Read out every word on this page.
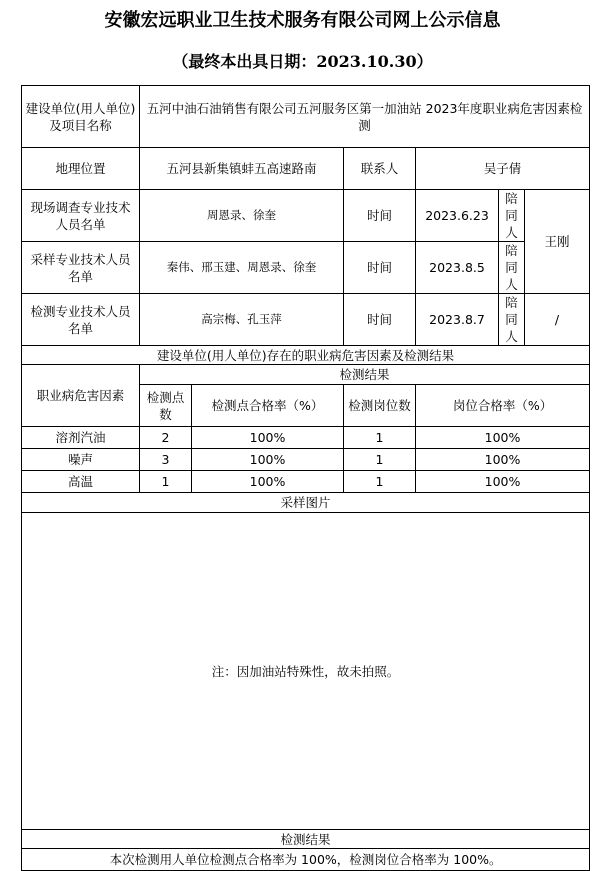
安徽宏远职业卫生技术服务有限公司网上公示信息
（最终本出具日期：2023.10.30）
建设单位(用人单位)及项目名称	五河中油石油销售有限公司五河服务区第一加油站 2023年度职业病危害因素检测					
地理位置	五河县新集镇蚌五高速路南		联系人	吴子倩		
现场调查专业技术人员名单	周恩录、徐奎		时间	2023.6.23	陪同人	王刚
采样专业技术人员名单	秦伟、邢玉建、周恩录、徐奎		时间	2023.8.5	陪同人	
检测专业技术人员名单	高宗梅、孔玉萍		时间	2023.8.7	陪同人	/
建设单位(用人单位)存在的职业病危害因素及检测结果						
职业病危害因素	检测结果					
	检测点数	检测点合格率（%）	检测岗位数	岗位合格率（%）		
溶剂汽油	2	100%	1	100%		
噪声	3	100%	1	100%		
高温	1	100%	1	100%		
采样图片						
注：因加油站特殊性，故未拍照。						
检测结果						
本次检测用人单位检测点合格率为 100%，检测岗位合格率为 100%。						
